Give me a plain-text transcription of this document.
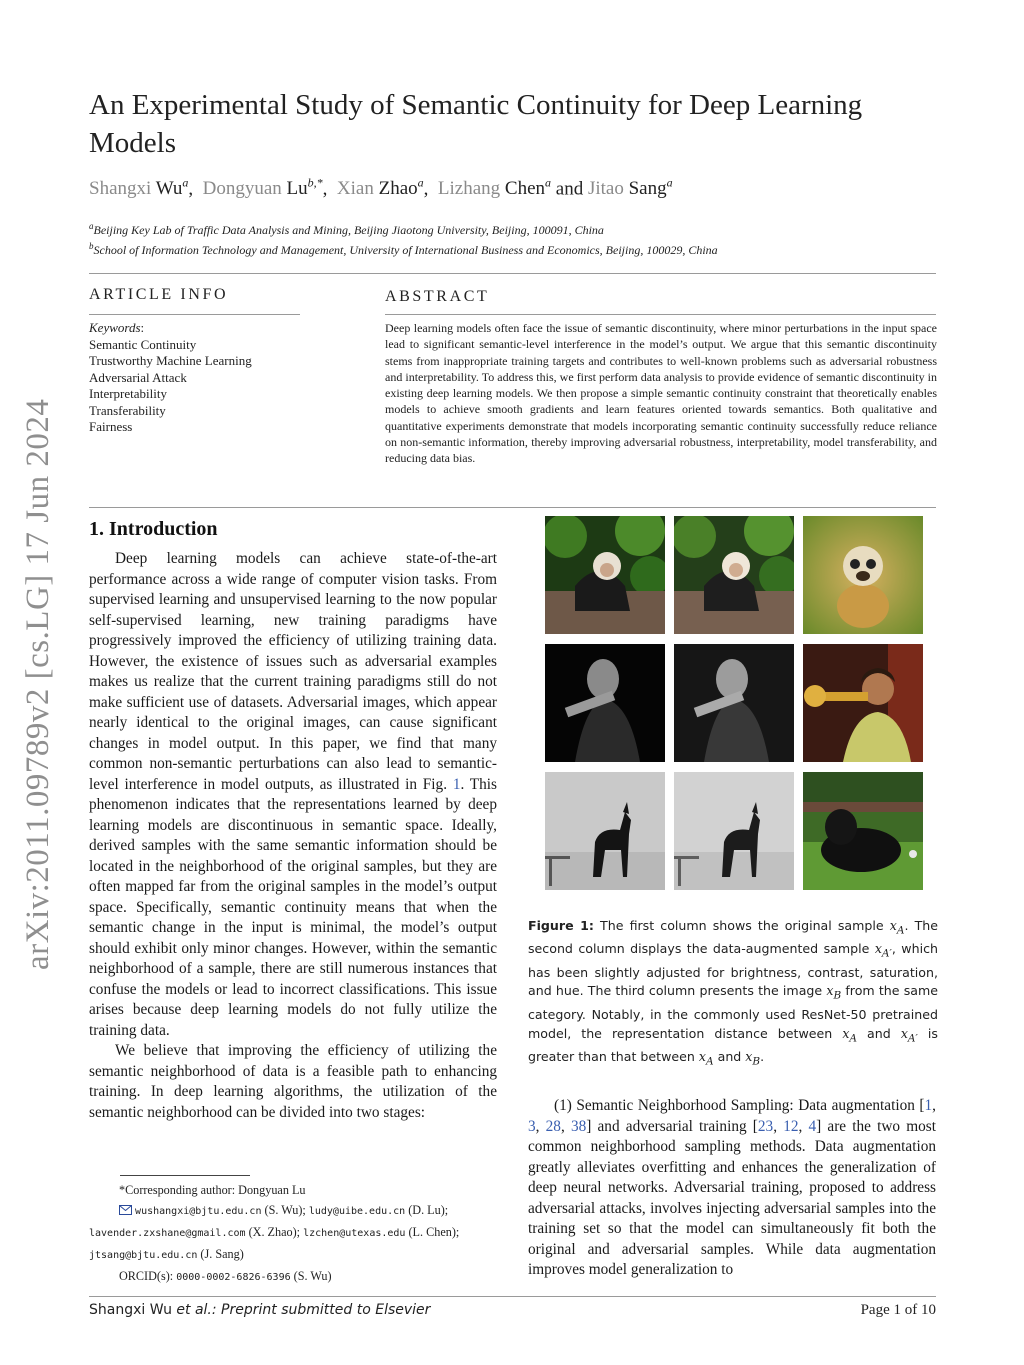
arXiv:2011.09789v2 [cs.LG] 17 Jun 2024
An Experimental Study of Semantic Continuity for Deep Learning Models
Shangxi Wu$^a$,  Dongyuan $Lu^{b,*}$,  Xian Zhao$^a$,  Lizhang Chen$^a$ and Jitao Sang$^a$
$^a$Beijing Key Lab of Traffic Data Analysis and Mining, Beijing Jiaotong University, Beijing, 100091, China
$^b$School of Information Technology and Management, University of International Business and Economics, Beijing, 100029, China
ARTICLE INFO
Keywords:
Semantic Continuity
Trustworthy Machine Learning
Adversarial Attack
Interpretability
Transferability
Fairness
ABSTRACT
Deep learning models often face the issue of semantic discontinuity, where minor perturbations in the input space lead to significant semantic-level interference in the model’s output. We argue that this semantic discontinuity stems from inappropriate training targets and contributes to well-known problems such as adversarial robustness and interpretability. To address this, we first perform data analysis to provide evidence of semantic discontinuity in existing deep learning models. We then propose a simple semantic continuity constraint that theoretically enables models to achieve smooth gradients and learn features oriented towards semantics. Both qualitative and quantitative experiments demonstrate that models incorporating semantic continuity successfully reduce reliance on non-semantic information, thereby improving adversarial robustness, interpretability, model transferability, and reducing data bias.
1. Introduction

Deep learning models can achieve state-of-the-art performance across a wide range of computer vision tasks. From supervised learning and unsupervised learning to the now popular self-supervised learning, new training paradigms have progressively improved the efficiency of utilizing training data. However, the existence of issues such as adversarial examples makes us realize that the current training paradigms still do not make sufficient use of datasets. Adversarial images, which appear nearly identical to the original images, can cause significant changes in model output. In this paper, we find that many common non-semantic perturbations can also lead to semantic-level interference in model outputs, as illustrated in Fig. 1. This phenomenon indicates that the representations learned by deep learning models are discontinuous in semantic space. Ideally, derived samples with the same semantic information should be located in the neighborhood of the original samples, but they are often mapped far from the original samples in the model’s output space. Specifically, semantic continuity means that when the semantic change in the input is minimal, the model’s output should exhibit only minor changes. However, within the semantic neighborhood of a sample, there are still numerous instances that confuse the models or lead to incorrect classifications. This issue arises because deep learning models do not fully utilize the training data.

We believe that improving the efficiency of utilizing the semantic neighborhood of data is a feasible path to enhancing training. In deep learning algorithms, the utilization of the semantic neighborhood can be divided into two stages:

*Corresponding author: Dongyuan Lu
wushangxi@bjtu.edu.cn (S. Wu); ludy@uibe.edu.cn (D. Lu);
lavender.zxshane@gmail.com (X. Zhao); lzchen@utexas.edu (L. Chen);
jtsang@bjtu.edu.cn (J. Sang)
ORCID(s): 0000-0002-6826-6396 (S. Wu)
Figure 1: The first column shows the original sample $x_A$. The second column displays the data-augmented sample $x_{A'}$, which has been slightly adjusted for brightness, contrast, saturation, and hue. The third column presents the image $x_B$ from the same category. Notably, in the commonly used ResNet-50 pretrained model, the representation distance between $x_A$ and $x_{A'}$ is greater than that between $x_A$ and $x_B$.

(1) Semantic Neighborhood Sampling: Data augmentation [1, 3, 28, 38] and adversarial training [23, 12, 4] are the two most common neighborhood sampling methods. Data augmentation greatly alleviates overfitting and enhances the generalization of deep neural networks. Adversarial training, proposed to address adversarial attacks, involves injecting adversarial samples into the training set so that the model can simultaneously fit both the original and adversarial samples. While data augmentation improves model generalization to

Shangxi Wu et al.: Preprint submitted to Elsevier	Page 1 of 10
